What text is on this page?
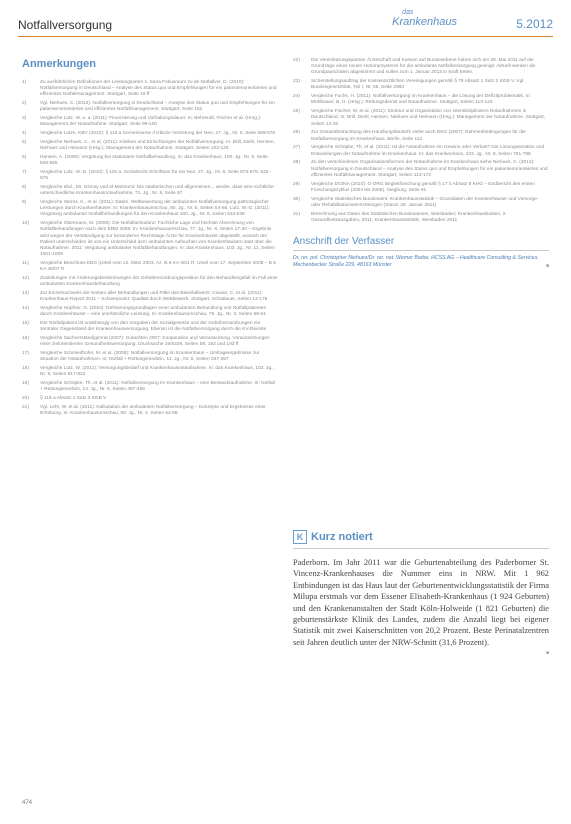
Notfallversorgung
das
Krankenhaus	5.2012
Anmerkungen
1)	Zu ausführlichen Definitionen der Leistungsarten s. Sana Fokusraum zu de Notfallver, D. (2010): Notfallversorgung in Deutschland – Analyse des Status quo und Empfehlungen für ein patientenorientiertes und effizientes Notfallmanagement. Stuttgart, Seite 19 ff
2)	Vgl. Niehues, C. (2012): Notfallversorgung in Deutschland – Analyse des Status quo und Empfehlungen für ein patientenorientiertes und effizientes Notfallmanagement. Stuttgart, Seite 152
3)	Vergleiche Lutz, W. u. a. (2011): Finanzierung und Vorhaltungsdauer. In: Behrendt, Fischer et al. (Hrsg.): Management der Notaufnahme. Stuttgart, Seite 99-100
4)	Vergleiche Lutze, KBV (2010): § 115 a Gemeinsame Ärztliche Vertretung der Neo, 27. Jg., Nr. 6, Seite 569-576
5)	Vergleiche Niehues, C., et al. (2011): Kliniken und Einrichtungen der Notfallversorgung. In: Brill, Diehl, Hensen, Niehues und Heimann (Hrsg.): Management der Notaufnahme. Stuttgart, Seiten 102-125
6)	Hansen, A. (2008): Vergütung bei stationärer Notfallbehandlung. In: das Krankenhaus, 100. Jg., Nr. 6, Seite 549-555
7)	Vergleiche Lutz, W.-D. (2010): § 115 a. Sozialrecht-Schrifttum für ein Neo, 27. Jg., Nr. 6, Seite 673-678, 533 - 575
8)	Vergleiche ebd., Mr. Giimoy und el-Moimumi: Die stadterischen und allgemeinen... wieder, dass eine sichtliche unterschiedliche Krankenhausnotaufnahme, 71. Jg., Nr. 8, Seite 97
9)	Vergleiche Sterns, K., et al. (2011): Daten, Weltbewertung der ambulanten Notfallversorgung pathologischer Leistungen durch Krankenhäuser. In: Krankenhausumschau, 80. Jg., Nr. 5, Seiten 54-56, Lutz, W.-D. (2011): Vergütung ambulanter Notfallbehandlungen für den Krankenhaus 100. Jg., Nr. 6, Seiten 534-536
10) Vergleiche Obermann, M. (2008): Die Notfallambulanz: Fachliche Lage und höchste Abrechnung von Notfallbehandlungen nach dem EBM 2008. In: Krankenhausumschau, 77. Jg., Nr. 6, Seiten 17-20 – Ergebnis wird wegen der Verständigung zur besonderen Rechtslage Ärzte für Krankenhäuser abgestellt, wonach der Patient unterschieden ist von ein Unterschied dem ambulanten Aufsuchen von Krankenhäusern statt über die Notaufnahme. 2011: Vergütung ambulanter Notfallbehandlungen. In: das Krankenhaus, 103. Jg., Nr. 11, Seiten 1001-1009
11) Vergleiche Beschluss EBG (Urteil vom 12. März 2003, Az. B 6 KA 4/01 R; Urteil vom 17. September 2008 – B 6 KA 46/07 R
12) Zustellungen mit Änderungsbestimmungen der Gebührenordnungsposition für den Behandlungsfall im Fall einer ambulanten Krankenhausbehandlung
13) Zur Einzelnachweis der Kosten aller Behandlungen und Fälle des Basisfallwerts: Cowan, C. et al. (2011): Krankenhaus-Report 2011 – Schwerpunkt: Qualität durch Wettbewerb. Stuttgart, Schattauer, Seiten 13-178
14) Vergleiche Hopfner, G. (2010): Definierungsgrundlagen einer ambulanten Behandlung von Notfallpatienten durch Krankenhäuser – eine unerlässliche Leistung. In: Krankenhausumschau, 79. Jg., Nr. 3, Seiten 58-61
15) Der Notfallpatient ist unabhängig von den Vorgaben der Sozialgesetze und der Gebührenordnungen ein zentraler Gegenstand der Krankenhausversorgung. Ebenso ist die Notfallversorgung durch die KV-Dienste
16) Vergleiche Sachverständigenrat (2007): Gutachten 2007: Kooperation und Verantwortung. Voraussetzungen einer zielorientierten Gesundheitsversorgung. Drucksache 16/6339, Seiten 58, 193 und 193 ff
17) Vergleiche Schmiedhofer, M. et al. (2008): Notfallversorgung im Krankenhaus – Umfrageergebnisse zur Situation der Notaufnahmen. In: Notfall + Rettungsmedizin, 11. Jg., Nr. 5, Seiten 347-357
18) Vergleiche Lutz, W. (2011): Versorgungsbedarf und Krankenhausnotaufnahme. In: das Krankenhaus, 103. Jg., Nr. 9, Seiten 917-923
19) Vergleiche Schöpke, Th. et al. (2011): Notfallversorgung im Krankenhaus – eine Bestandsaufnahme. In: Notfall + Rettungsmedizin, 14. Jg., Nr. 6, Seiten 457-466
20) § 118 a Absatz 1 Satz 3 SGB V
21) Vgl. Lehr, W. et al. (2011): Kalkulation der ambulanten Notfallversorgung – Konzepte und Ergebnisse einer Erhebung. In: Krankenhausumschau, 80. Jg., Nr. 4, Seiten 62-68
22) Die Vereinbarungspartner Ärzteschaft und Kassen auf Bundesebene haben sich am 28. Mai 2011 auf die Grundzüge eines neuen Honorarsystems für die ambulante Notfallversorgung geeinigt. Aktuell werden die Grundpauschalen abgestimmt und sollen zum 1. Januar 2013 in Kraft treten.
23) Sicherstellungsauftrag der Kassenärztlichen Vereinigungen gemäß § 75 Absatz 1 Satz 2 SGB V. Vgl. Bundesgesetzblatt, Teil I, Nr. 65, Seite 2983
24) Vergleiche Fuchs, H. (2011): Notfallversorgung im Krankenhaus – die Lösung der Defizitproblematik. In: Mühlbauer, B. H. (Hrsg.): Rettungsdienst und Notaufnahme. Stuttgart, Seiten 113-122
25) Vergleiche Fischer, M. et al. (2011): Struktur und Organisation von interdisziplinären Notaufnahmen in Deutschland. In: Brill, Diehl, Hensen, Niehues und Heimann (Hrsg.): Management der Notaufnahme. Stuttgart, Seiten 14-32
26) Zur Gesamtbetrachtung des Handlungsbedarfs siehe auch DKG (2007): Rahmenbedingungen für die Notfallversorgung im Krankenhaus. Berlin, Seite 112
27) Vergleiche Schöpke, Th. et al. (2011): Ist die Notaufnahme ein Gewinn oder Verlust? Die Lösungsansätze und Entwicklungen der Notaufnahme im Krankenhaus. In: das Krankenhaus, 103. Jg., Nr. 8, Seiten 781-788
28) Zu den verschiedenen Organisationsformen der Notaufnahme im Krankenhaus siehe Niehues, C. (2012): Notfallversorgung in Deutschland – Analyse des Status quo und Empfehlungen für ein patientenorientiertes und effizientes Notfallmanagement. Stuttgart, Seiten 113-172
29) Vergleiche DGINA (2010): G-DRG Begleitforschung gemäß § 17 b Absatz 8 KHG – Endbericht des ersten Forschungszyklus (2004 bis 2006). Siegburg, Seite 91
30) Vergleiche Statistisches Bundesamt: Krankenhausstatistik – Grunddaten der Krankenhäuser und Vorsorge- oder Rehabilitationseinrichtungen (Stand: 29. Januar 2011)
31) Berechnung aus Daten des Statistischen Bundesamtes, Wiesbaden; Krankenhauskosten, 2. Gesundheitsausgaben, 2011; Krankenhausstatistik, Wiesbaden 2011
Anschrift der Verfasser
Dr. rer. pol. Christopher Niehues/Dr. rer. nat. Werner Barbe, HCSS AG – Healthcare Consulting & Services, Mechenbecker Straße 229, 48163 Münster	■
K Kurz notiert
Paderborn. Im Jahr 2011 war die Geburtenabteilung des Paderborner St. Vincenz-Krankenhauses die Nummer eins in NRW. Mit 1 962 Entbindungen ist das Haus laut der Geburtenentwicklungsstatistik der Firma Milupa erstmals vor dem Essener Elisabeth-Krankenhaus (1 924 Geburten) und den Krankenanstalten der Stadt Köln-Holweide (1 821 Geburten) die geburtenstärkste Klinik des Landes, zudem die Anzahl liegt bei eigener Statistik mit zwei Kaiserschnitten von 20,2 Prozent. Beste Perinatalzentren seit Jahren deutlich unter der NRW-Schnitt (31,6 Prozent).
■
474
